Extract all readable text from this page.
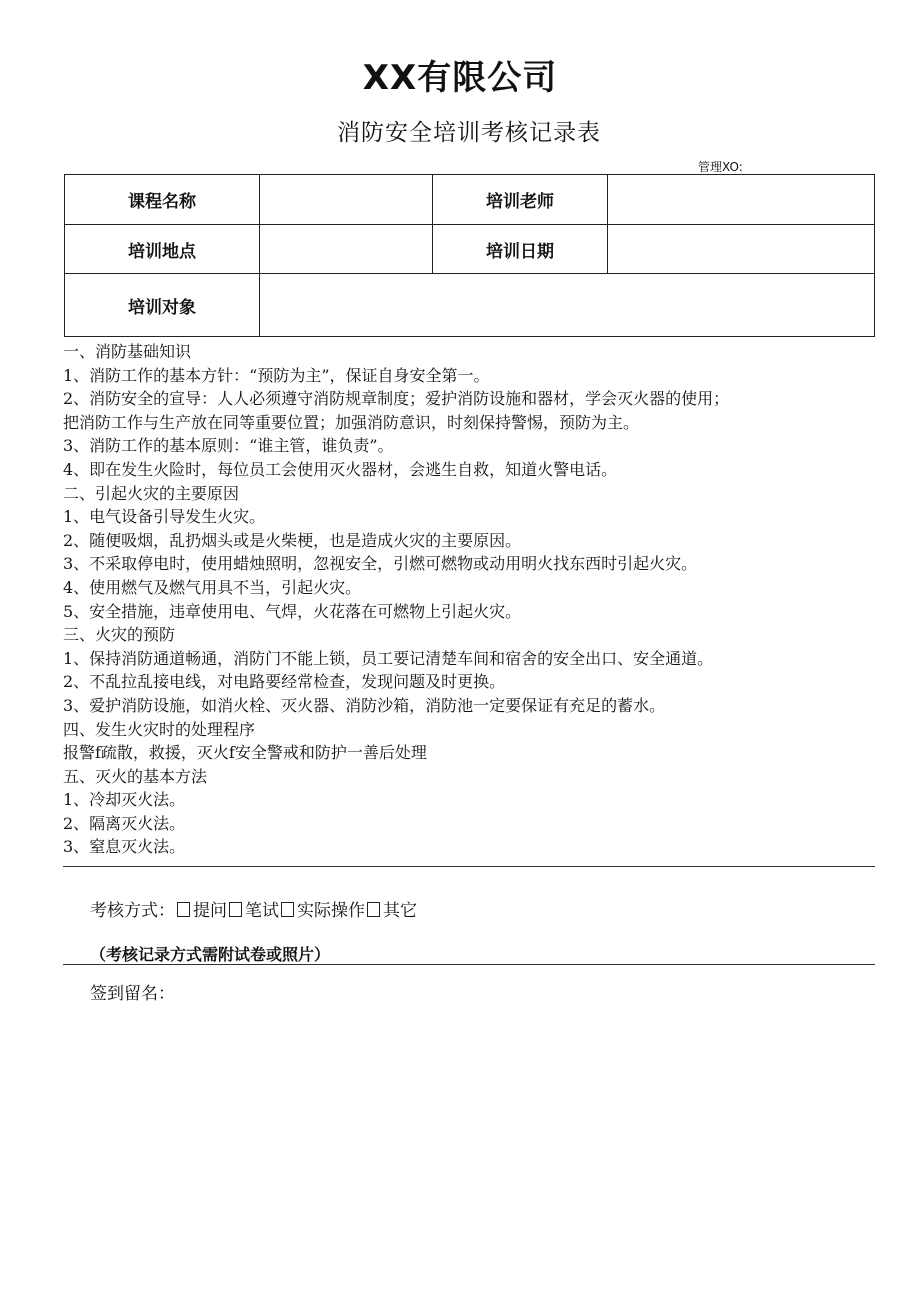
XX有限公司
消防安全培训考核记录表
管理XO:
课程名称		培训老师	
培训地点		培训日期	
培训对象			
一、消防基础知识
1、消防工作的基本方针：“预防为主”，保证自身安全第一。
2、消防安全的宣导：人人必须遵守消防规章制度；爱护消防设施和器材，学会灭火器的使用；
把消防工作与生产放在同等重要位置；加强消防意识，时刻保持警惕，预防为主。
3、消防工作的基本原则：“谁主管，谁负责”。
4、即在发生火险时，每位员工会使用灭火器材，会逃生自救，知道火警电话。
二、引起火灾的主要原因
1、电气设备引导发生火灾。
2、随便吸烟，乱扔烟头或是火柴梗，也是造成火灾的主要原因。
3、不采取停电时，使用蜡烛照明，忽视安全，引燃可燃物或动用明火找东西时引起火灾。
4、使用燃气及燃气用具不当，引起火灾。
5、安全措施，违章使用电、气焊，火花落在可燃物上引起火灾。
三、火灾的预防
1、保持消防通道畅通，消防门不能上锁，员工要记清楚车间和宿舍的安全出口、安全通道。
2、不乱拉乱接电线，对电路要经常检查，发现问题及时更换。
3、爱护消防设施，如消火栓、灭火器、消防沙箱，消防池一定要保证有充足的蓄水。
四、发生火灾时的处理程序
报警f疏散，救援，灭火f安全警戒和防护一善后处理
五、灭火的基本方法
1、冷却灭火法。
2、隔离灭火法。
3、窒息灭火法。
考核方式： 提问 笔试 实际操作 其它
（考核记录方式需附试卷或照片）
签到留名：
